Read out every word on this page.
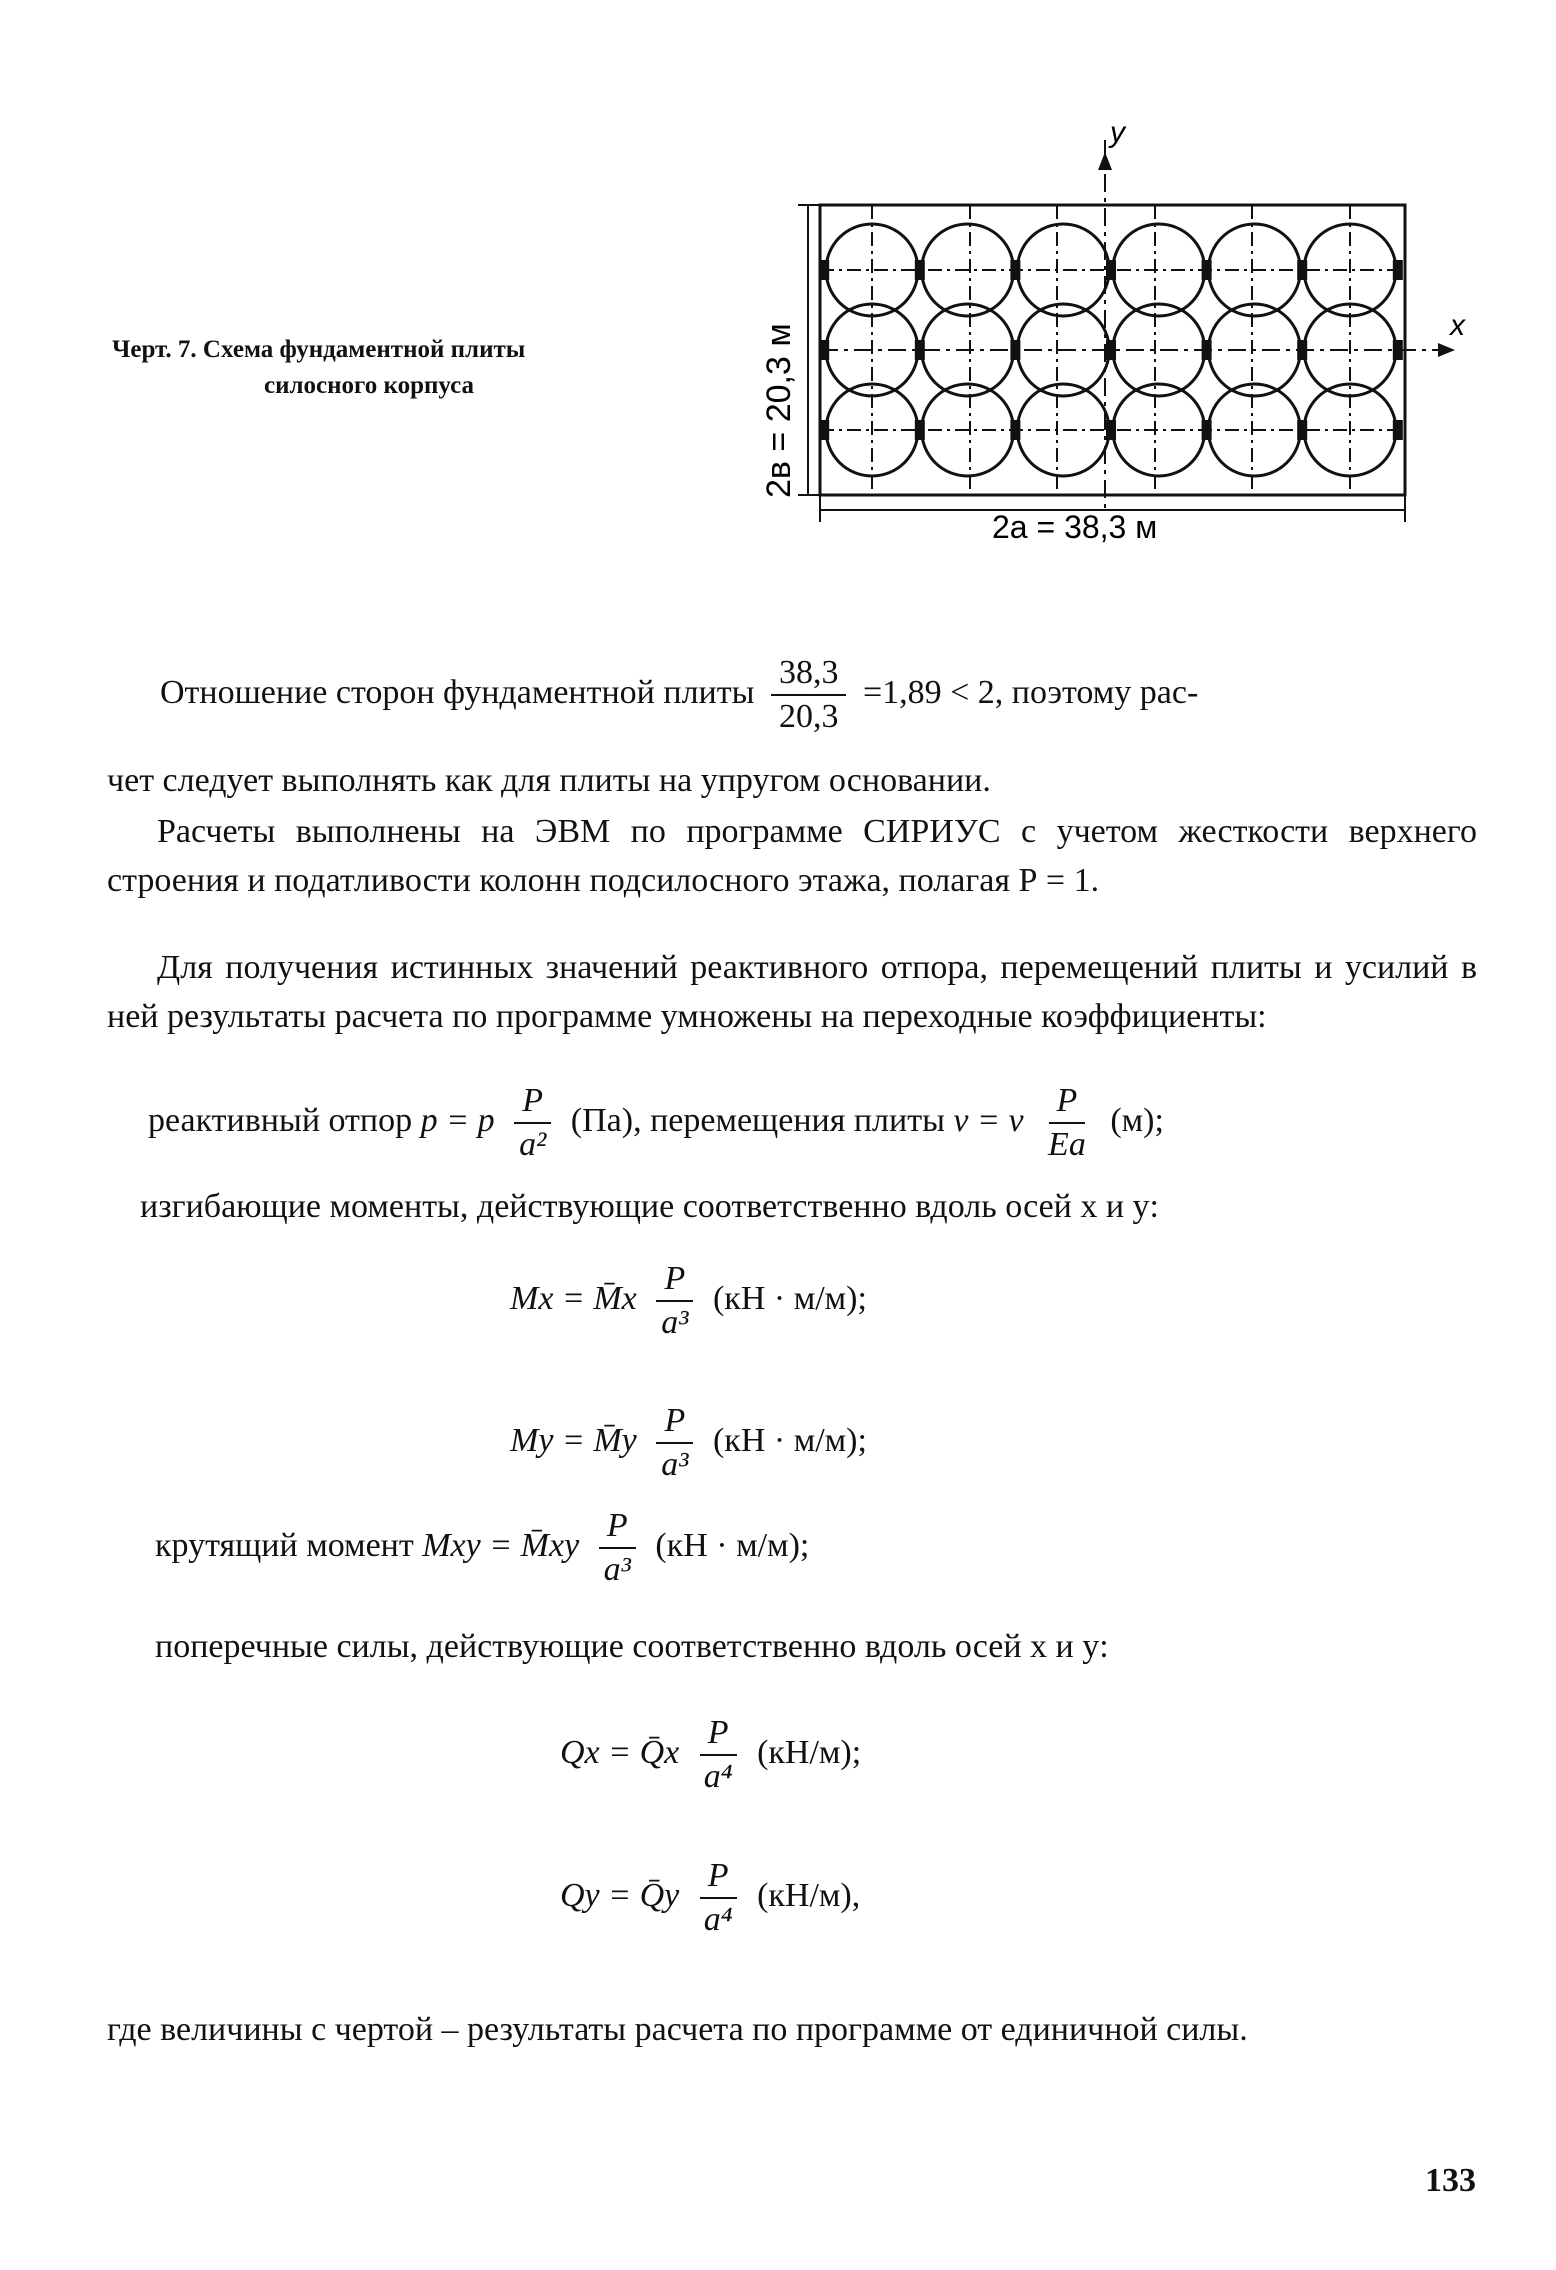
Черт. 7. Схема фундаментной плиты
силосного корпуса	2в = 20,3 м
2a = 38,3 м
x
y
Отношение сторон фундаментной плиты $\frac{38,3}{20,3} =1,89 < 2$, поэтому рас-
чет следует выполнять как для плиты на упругом основании.
Расчеты выполнены на ЭВМ по программе СИРИУС с учетом жесткости верхнего строения и податливости колонн подсилосного этажа, полагая Р = 1.
Для получения истинных значений реактивного отпора, перемещений плиты и усилий в ней результаты расчета по программе умножены на переходные коэффициенты:
реактивный отпор p = p $\frac{P}{\text{a²}} (Па)$, перемещения плиты v = v $\frac{P}{Ea} (м)$;
изгибающие моменты, действующие соответственно вдоль осей x и y:
Mx = M̄x $\frac{P}{\text{a³}} (кН \cdot м/м)$;
My = M̄y $\frac{P}{\text{a³}} (кН \cdot м/м)$;
крутящий момент Mxy = M̄xy $\frac{P}{\text{a³}} (кН \cdot м/м)$;
поперечные силы, действующие соответственно вдоль осей x и y:
Qx = Q̄x $\frac{P}{\text{a⁴}} (кН/м)$;
Qy = Q̄y $\frac{P}{\text{a⁴}} (кН/м)$,
где величины с чертой – результаты расчета по программе от единичной силы.
133
